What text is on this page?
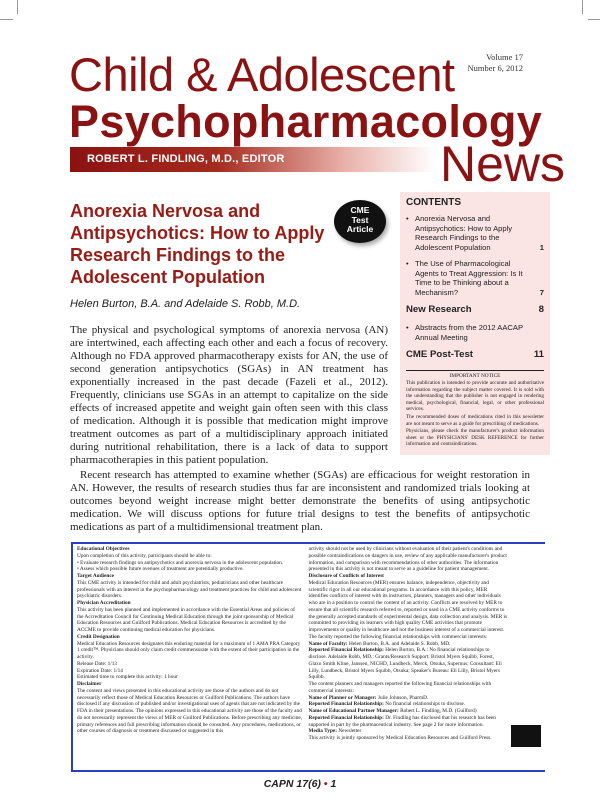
Child & Adolescent
Psychopharmacology
Volume 17
Number 6, 2012
ROBERT L. FINDLING, M.D., EDITOR	News
CME
Test
Article
Anorexia Nervosa and Antipsychotics: How to Apply Research Findings to the Adolescent Population
Helen Burton, B.A. and Adelaide S. Robb, M.D.

The physical and psychological symptoms of anorexia nervosa (AN) are intertwined, each affecting each other and each a focus of recovery. Although no FDA approved pharmacotherapy exists for AN, the use of second generation antipsychotics (SGAs) in AN treatment has exponentially increased in the past decade (Fazeli et al., 2012). Frequently, clinicians use SGAs in an attempt to capitalize on the side effects of increased appetite and weight gain often seen with this class of medication. Although it is possible that medication might improve treatment outcomes as part of a multidisciplinary approach initiated during nutritional rehabilitation, there is a lack of data to support pharmacotherapies in this patient population.

CONTENTS
• Anorexia Nervosa and Antipsychotics: How to Apply Research Findings to the Adolescent Population	1
• The Use of Pharmacological Agents to Treat Aggression: Is It Time to be Thinking about a Mechanism?	7
New Research	8
• Abstracts from the 2012 AACAP Annual Meeting
CME Post-Test	11
IMPORTANT NOTICE

This publication is intended to provide accurate and authoritative information regarding the subject matter covered. It is sold with the understanding that the publisher is not engaged in rendering medical, psychological, financial, legal, or other professional services.

The recommended doses of medications cited in this newsletter are not meant to serve as a guide for prescribing of medications.

Physicians, please check the manufacturer's product information sheet or the PHYSICIANS' DESK REFERENCE for further information and contraindications.

Recent research has attempted to examine whether (SGAs) are efficacious for weight restoration in AN. However, the results of research studies thus far are inconsistent and randomized trials looking at outcomes beyond weight increase might better demonstrate the benefits of using antipsychotic medication. We will discuss options for future trial designs to test the benefits of antipsychotic medications as part of a multidimensional treatment plan.

Educational Objectives
Upon completion of this activity, participants should be able to:
• Evaluate research findings on antipsychotics and anorexia nervosa in the adolescent population.
• Assess which possible future avenues of treatment are potentially productive.
Target Audience
This CME activity is intended for child and adult psychiatrists, pediatricians and other healthcare professionals with an interest in the psychopharmacology and treatment practices for child and adolescent psychiatric disorders.
Physician Accreditation
This activity has been planned and implemented in accordance with the Essential Areas and policies of the Accreditation Council for Continuing Medical Education through the joint sponsorship of Medical Education Resources and Guilford Publications. Medical Education Resources is accredited by the ACCME to provide continuing medical education for physicians.
Credit Designation
Medical Education Resources designates this enduring material for a maximum of 1 AMA PRA Category 1 credit™. Physicians should only claim credit commensurate with the extent of their participation in the activity.
Release Date: 1/13
Expiration Date: 1/14
Estimated time to complete this activity: 1 hour
Disclaimer
The content and views presented in this educational activity are those of the authors and do not necessarily reflect those of Medical Education Resources or Guilford Publications. The authors have disclosed if any discussion of published and/or investigational uses of agents that are not indicated by the FDA in their presentations. The opinions expressed in this educational activity are those of the faculty and do not necessarily represent the views of MER or Guilford Publications. Before prescribing any medicine, primary references and full prescribing information should be consulted. Any procedures, medications, or other courses of diagnosis or treatment discussed or suggested in this
activity should not be used by clinicians without evaluation of their patient's conditions and possible contraindications on dangers in use, review of any applicable manufacturer's product information, and comparison with recommendations of other authorities. The information presented in this activity is not meant to serve as a guideline for patient management.
Disclosure of Conflicts of Interest
Medical Education Resources (MER) ensures balance, independence, objectivity and scientific rigor in all our educational programs. In accordance with this policy, MER identifies conflicts of interest with its instructors, planners, managers and other individuals who are in a position to control the content of an activity. Conflicts are resolved by MER to ensure that all scientific research referred to, reported or used in a CME activity conforms to the generally accepted standards of experimental design, data collection and analysis. MER is committed to providing its learners with high quality CME activities that promote improvements or quality in healthcare and not the business interest of a commercial interest.
The faculty reported the following financial relationships with commercial interests:
Name of Faculty: Helen Burton, B.A. and Adelaide S. Robb, MD.
Reported Financial Relationship: Helen Burton, B.A.: No financial relationships to disclose. Adelaide Robb, MD.: Grants/Research Support: Bristol Myers Squibb, Forest, Glaxo Smith Kline, Janssen, NICHD, Lundbeck, Merck, Otsuka, Supernus; Consultant: Eli Lilly, Lundbeck, Bristol Myers Squibb, Otsuka; Speaker's Bureau: Eli Lilly, Bristol Myers Squibb.
The content planners and managers reported the following financial relationships with commercial interests:
Name of Planner or Manager: Julie Johnson, PharmD.
Reported Financial Relationship: No financial relationships to disclose.
Name of Educational Partner Manager: Robert L. Findling, M.D. (Guilford)
Reported Financial Relationship: Dr. Findling has disclosed that his research has been supported in part by the pharmaceutical industry. See page 2 for more information.
Media Type: Newsletter
This activity is jointly sponsored by Medical Education Resources and Guilford Press.
CAPN 17(6) • 1
